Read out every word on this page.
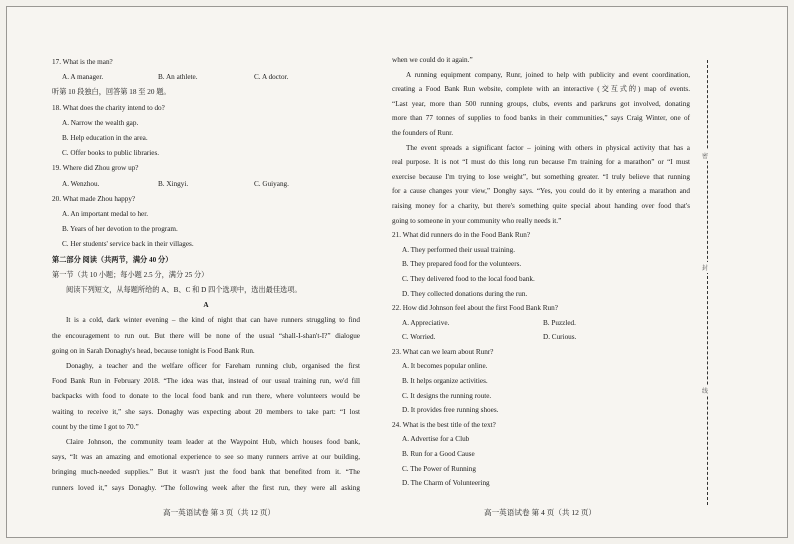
17. What is the man?
A. A manager.	B. An athlete.	C. A doctor.
听第 10 段独白，回答第 18 至 20 题。
18. What does the charity intend to do?
A. Narrow the wealth gap.
B. Help education in the area.
C. Offer books to public libraries.
19. Where did Zhou grow up?
A. Wenzhou.	B. Xingyi.	C. Guiyang.
20. What made Zhou happy?
A. An important medal to her.
B. Years of her devotion to the program.
C. Her students' service back in their villages.
第二部分 阅读（共两节，满分 40 分）
第一节（共 10 小题；每小题 2.5 分，满分 25 分）
阅读下列短文，从每题所给的 A、B、C 和 D 四个选项中，选出最佳选项。
A
It is a cold, dark winter evening – the kind of night that can have runners struggling to find
the encouragement to run out. But there will be none of the usual “shall-I-shan't-I?” dialogue
going on in Sarah Donaghy's head, because tonight is Food Bank Run.
Donaghy, a teacher and the welfare officer for Fareham running club, organised the first
Food Bank Run in February 2018. “The idea was that, instead of our usual training run, we'd fill
backpacks with food to donate to the local food bank and run there, where volunteers would be
waiting to receive it,” she says. Donaghy was expecting about 20 members to take part: “I lost
count by the time I got to 70.”
Claire Johnson, the community team leader at the Waypoint Hub, which houses food bank,
says, “It was an amazing and emotional experience to see so many runners arrive at our building,
bringing much-needed supplies.” But it wasn't just the food bank that benefited from it. “The
runners loved it,” says Donaghy. “The following week after the first run, they were all asking
when we could do it again.”
A running equipment company, Runr, joined to help with publicity and event coordination,
creating a Food Bank Run website, complete with an interactive (交互式的) map of events.
“Last year, more than 500 running groups, clubs, events and parkruns got involved, donating
more than 77 tonnes of supplies to food banks in their communities,” says Craig Winter, one of
the founders of Runr.
The event spreads a significant factor – joining with others in physical activity that has a
real purpose. It is not “I must do this long run because I'm training for a marathon” or “I must
exercise because I'm trying to lose weight”, but something greater. “I truly believe that running
for a cause changes your view,” Donghy says. “Yes, you could do it by entering a marathon and
raising money for a charity, but there's something quite special about handing over food that's
going to someone in your community who really needs it.”
21. What did runners do in the Food Bank Run?
A. They performed their usual training.
B. They prepared food for the volunteers.
C. They delivered food to the local food bank.
D. They collected donations during the run.
22. How did Johnson feel about the first Food Bank Run?
A. Appreciative.	B. Puzzled.
C. Worried.	D. Curious.
23. What can we learn about Runr?
A. It becomes popular online.
B. It helps organize activities.
C. It designs the running route.
D. It provides free running shoes.
24. What is the best title of the text?
A. Advertise for a Club
B. Run for a Good Cause
C. The Power of Running
D. The Charm of Volunteering
高一英语试卷 第 3 页（共 12 页）	高一英语试卷 第 4 页（共 12 页）
密
封
线
